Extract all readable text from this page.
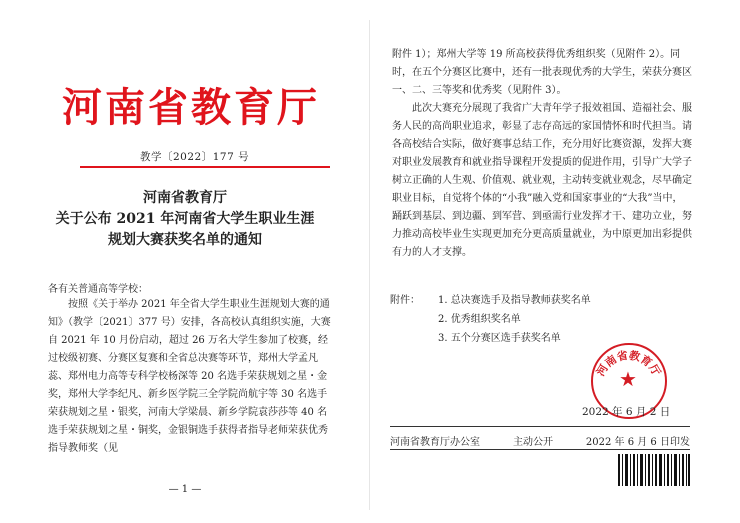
河南省教育厅
教学〔2022〕177 号
河南省教育厅
关于公布 2021 年河南省大学生职业生涯
规划大赛获奖名单的通知
各有关普通高等学校：
按照《关于举办 2021 年全省大学生职业生涯规划大赛的通知》（教学〔2021〕377 号）安排，各高校认真组织实施，大赛自 2021 年 10 月份启动，超过 26 万名大学生参加了校赛，经过校级初赛、分赛区复赛和全省总决赛等环节，郑州大学孟凡蕊、郑州电力高等专科学校杨深等 20 名选手荣获规划之星・金奖，郑州大学李纪凡、新乡医学院三全学院尚航宇等 30 名选手荣获规划之星・银奖，河南大学梁晨、新乡学院袁莎莎等 40 名选手荣获规划之星・铜奖，金银铜选手获得者指导老师荣获优秀指导教师奖（见
— 1 —

附件 1）；郑州大学等 19 所高校获得优秀组织奖（见附件 2）。同时，在五个分赛区比赛中，还有一批表现优秀的大学生，荣获分赛区一、二、三等奖和优秀奖（见附件 3）。

此次大赛充分展现了我省广大青年学子报效祖国、造福社会、服务人民的高尚职业追求，彰显了志存高远的家国情怀和时代担当。请各高校结合实际，做好赛事总结工作，充分用好比赛资源，发挥大赛对职业发展教育和就业指导课程开发提质的促进作用，引导广大学子树立正确的人生观、价值观、就业观，主动转变就业观念，尽早确定职业目标，自觉将个体的“小我”融入党和国家事业的“大我”当中，踊跃到基层、到边疆、到军营、到亟需行业发挥才干、建功立业，努力推动高校毕业生实现更加充分更高质量就业，为中原更加出彩提供有力的人才支撑。

附件：	1. 总决赛选手及指导教师获奖名单
2. 优秀组织奖名单
3. 五个分赛区选手获奖名单
河南省教育厅
★
2022 年 6 月 2 日
河南省教育厅办公室	主动公开	2022 年 6 月 6 日印发
